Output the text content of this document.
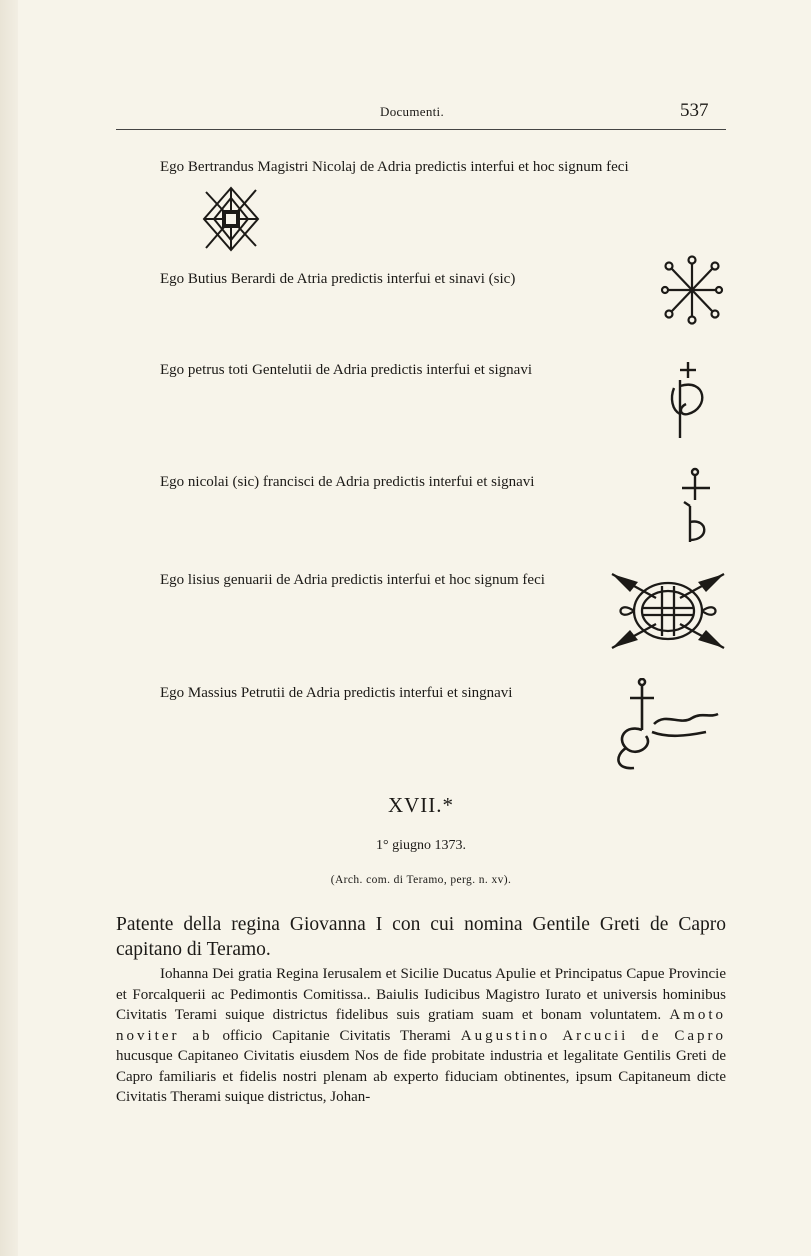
Documenti.	537
Ego Bertrandus Magistri Nicolaj de Adria predictis interfui et hoc signum feci
Ego Butius Berardi de Atria predictis interfui et sinavi (sic)
Ego petrus toti Gentelutii de Adria predictis interfui et signavi
Ego nicolai (sic) francisci de Adria predictis interfui et signavi
Ego lisius genuarii de Adria predictis interfui et hoc signum feci
Ego Massius Petrutii de Adria predictis interfui et singnavi
XVII.*
1° giugno 1373.
(Arch. com. di Teramo, perg. n. xv).
Patente della regina Giovanna I con cui nomina Gentile Greti de Capro capitano di Teramo.
Iohanna Dei gratia Regina Ierusalem et Sicilie Ducatus Apulie et Principatus Capue Provincie et Forcalquerii ac Pedimontis Comitissa.. Baiulis Iudicibus Magistro Iurato et universis hominibus Civitatis Terami suique districtus fidelibus suis gratiam suam et bonam voluntatem. Amoto noviter ab officio Capitanie Civitatis Therami Augustino Arcucii de Capro hucusque Capitaneo Civitatis eiusdem Nos de fide probitate industria et legalitate Gentilis Greti de Capro familiaris et fidelis nostri plenam ab experto fiduciam obtinentes, ipsum Capitaneum dicte Civitatis Therami suique districtus, Johan-
